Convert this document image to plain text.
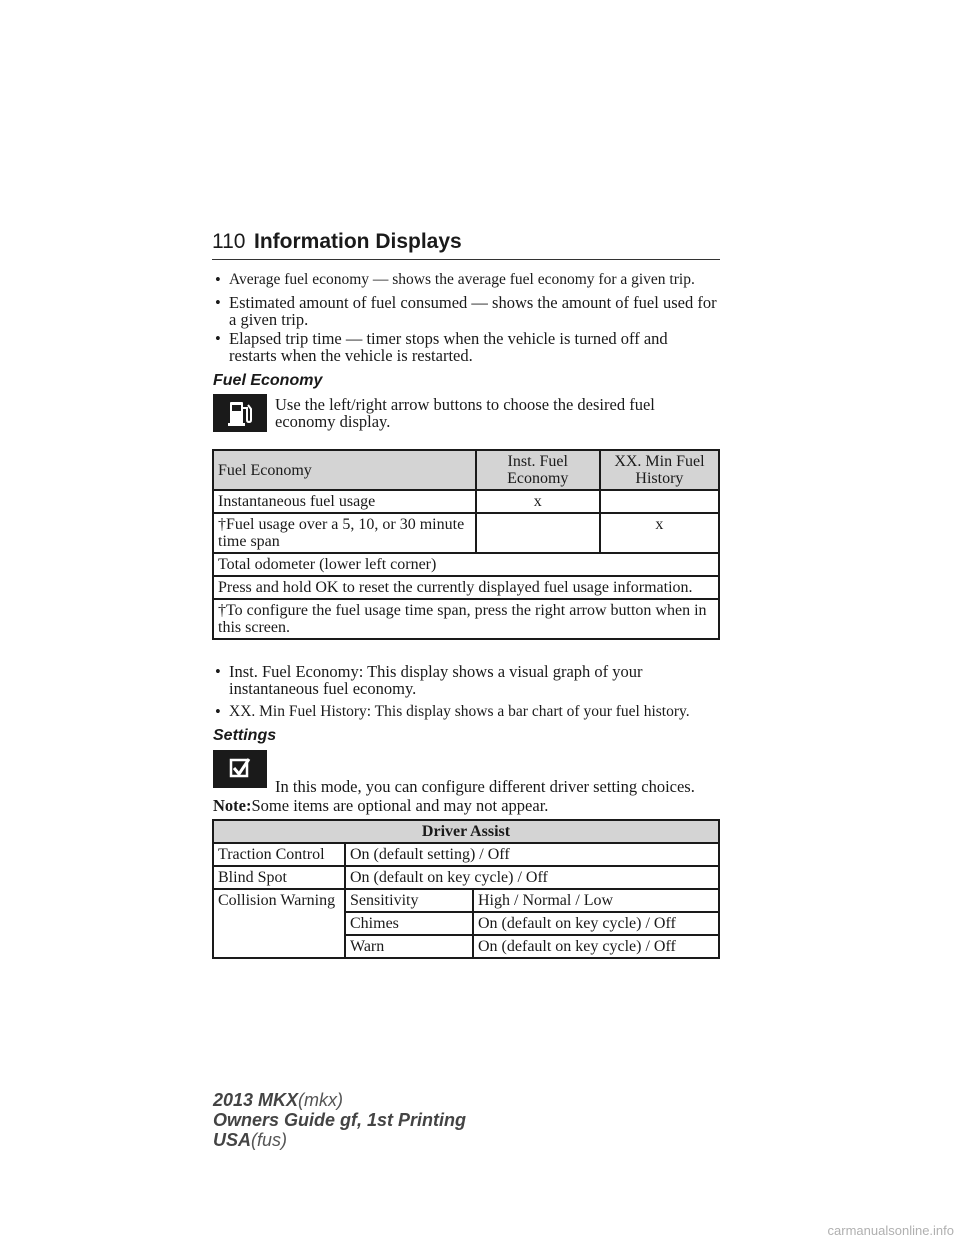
110 Information Displays
• Average fuel economy — shows the average fuel economy for a given trip.
• Estimated amount of fuel consumed — shows the amount of fuel used for a given trip.
• Elapsed trip time — timer stops when the vehicle is turned off and restarts when the vehicle is restarted.
Fuel Economy
Use the left/right arrow buttons to choose the desired fuel economy display.
Fuel Economy	Inst. Fuel Economy	XX. Min Fuel History
Instantaneous fuel usage	x	
†Fuel usage over a 5, 10, or 30 minute time span		x
Total odometer (lower left corner)		
Press and hold OK to reset the currently displayed fuel usage information.		
†To configure the fuel usage time span, press the right arrow button when in this screen.		
• Inst. Fuel Economy: This display shows a visual graph of your instantaneous fuel economy.
• XX. Min Fuel History: This display shows a bar chart of your fuel history.
Settings
In this mode, you can configure different driver setting choices.
Note:Some items are optional and may not appear.
Driver Assist		
Traction Control	On (default setting) / Off	
Blind Spot	On (default on key cycle) / Off	
Collision Warning	Sensitivity	High / Normal / Low
	Chimes	On (default on key cycle) / Off
	Warn	On (default on key cycle) / Off
2013 MKX(mkx)
Owners Guide gf, 1st Printing
USA(fus)
carmanualsonline.info
